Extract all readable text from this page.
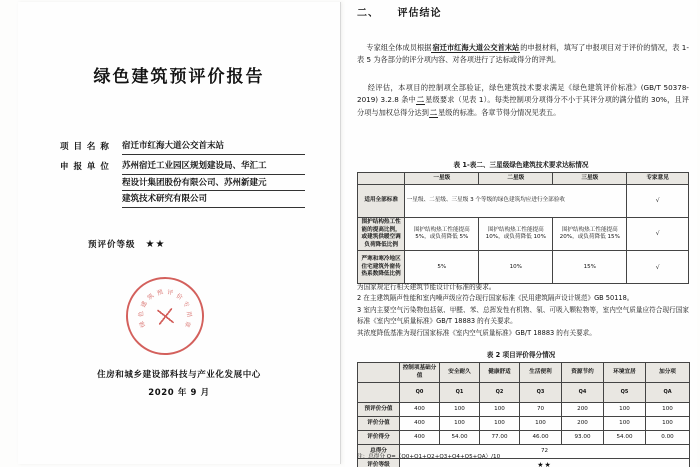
绿色建筑预评价报告
项 目 名 称	宿迁市红海大道公交首末站
申 报 单 位	苏州宿迁工业园区规划建设局、华汇工
程设计集团股份有限公司、苏州新建元
建筑技术研究有限公司
预评价等级 ★★
绿
色
建
筑 预 评 价
专
用
章
住房和城乡建设部科技与产业化发展中心
2020 年 9 月
二、 评估结论
专家组全体成员根据宿迁市红海大道公交首末站的申报材料，填写了申报项目对于评价的情况，表 1-表 5 为各部分的评分项内容、对各项进行了达标或得分的评判。
经评估，本项目的控制项全部验证，绿色建筑技术要求满足《绿色建筑评价标准》(GB/T 50378-2019) 3.2.8 条中二星级要求（见表 1）。每类控制项分项得分不小于其评分项的满分值的 30%，且评分项与加权总得分达到二星级的标准。各章节得分情况见表五。
表 1-表二、三星级绿色建筑技术要求达标情况
	一星级	二星级	三星级	专家意见
适用全部标准	一星级、二星级、三星级 3 个等级的绿色建筑均应进行全部验收			√
围护结构热工性能的提高比例，或建筑供暖空调负荷降低比例	围护结构热工性能提高 5%，或负荷降低 5%	围护结构热工性能提高 10%，或负荷降低 10%	围护结构热工性能提高 20%，或负荷降低 15%	√
严寒和寒冷地区住宅建筑外窗传热系数降低比例	5%	10%	15%	√
为国家规定行相关建筑节能设计计标准的要求。
2 在主建筑隔声性能和室内噪声级应符合现行国家标准《民用建筑隔声设计规范》GB 50118。
3 室内主要空气污染物包括氨、甲醛、苯、总挥发性有机物、氡、可吸入颗粒物等，室内空气质量应符合现行国家标准《室内空气质量标准》GB/T 18883 的有关要求。
其浓度降低基准为现行国家标准《室内空气质量标准》GB/T 18883 的有关要求。
表 2 项目评价得分情况
	控制项基础分值	安全耐久	健康舒适	生活便利	资源节约	环境宜居	加分项
	Q0	Q1	Q2	Q3	Q4	Q5	QA
预评价分值	400	100	100	70	200	100	100
评价分值	400	100	100	100	200	100	100
评价得分	400	54.00	77.00	46.00	93.00	54.00	0.00
总得分	72						
评价等级	★★						
注：总得分 Q=（Q0+Q1+Q2+Q3+Q4+Q5+QA）/10
